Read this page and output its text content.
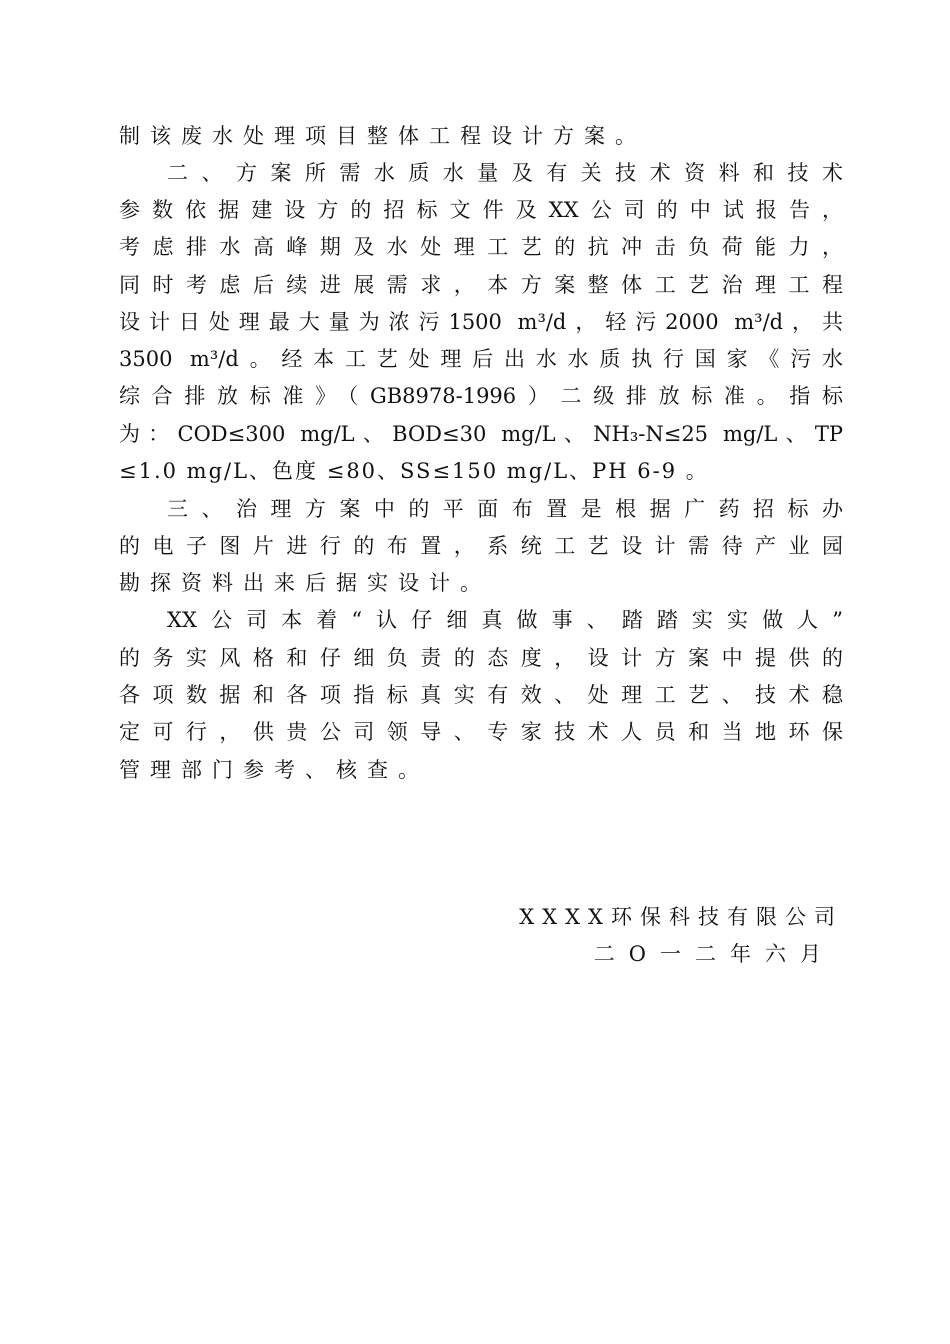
制该废水处理项目整体工程设计方案。
二、方案所需水质水量及有关技术资料和技术
参数依据建设方的招标文件及XX公司的中试报告，
考虑排水高峰期及水处理工艺的抗冲击负荷能力，
同时考虑后续进展需求，本方案整体工艺治理工程
设计日处理最大量为浓污1500 m³/d，轻污2000 m³/d，共
3500 m³/d。经本工艺处理后出水水质执行国家《污水
综合排放标准》（GB8978-1996）二级排放标准。指标
为：COD≤300 mg/L、BOD≤30 mg/L、NH₃-N≤25 mg/L、TP
≤1.0 mg/L、色度 ≤80、SS≤150 mg/L、PH 6-9 。
三、治理方案中的平面布置是根据广药招标办
的电子图片进行的布置，系统工艺设计需待产业园
勘探资料出来后据实设计。
XX公司本着“认仔细真做事、踏踏实实做人”
的务实风格和仔细负责的态度，设计方案中提供的
各项数据和各项指标真实有效、处理工艺、技术稳
定可行，供贵公司领导、专家技术人员和当地环保
管理部门参考、核查。
XXXX环保科技有限公司
二O一二年六月
